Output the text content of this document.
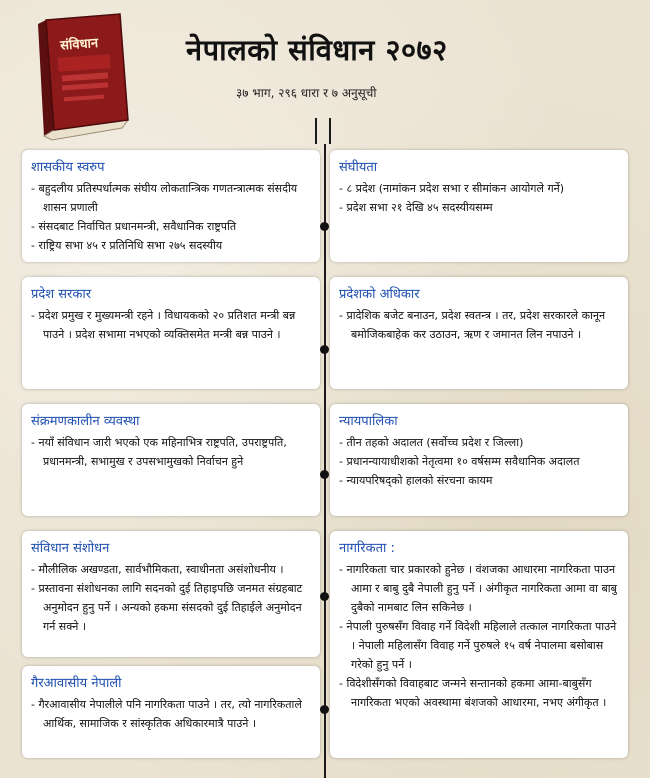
संविधान	नेपालको संविधान २०७२
३७ भाग, २९६ धारा र ७ अनुसूची
शासकीय स्वरुप

- बहुदलीय प्रतिस्पर्धात्मक संघीय लोकतान्त्रिक गणतन्त्रात्मक संसदीय शासन प्रणाली

- संसदबाट निर्वाचित प्रधानमन्त्री, सवैधानिक राष्ट्रपति

- राष्ट्रिय सभा ४५ र प्रतिनिधि सभा २७५ सदस्यीय

प्रदेश सरकार

- प्रदेश प्रमुख र मुख्यमन्त्री रहने । विधायकको २० प्रतिशत मन्त्री बन्न पाउने । प्रदेश सभामा नभएको व्यक्तिसमेत मन्त्री बन्न पाउने ।

संक्रमणकालीन व्यवस्था

- नयाँ संविधान जारी भएको एक महिनाभित्र राष्ट्रपति, उपराष्ट्रपति, प्रधानमन्त्री, सभामुख र उपसभामुखको निर्वाचन हुने

संविधान संशोधन

- मौलीलिक अखण्डता, सार्वभौमिकता, स्वाधीनता असंशोधनीय ।

- प्रस्तावना संशोधनका लागि सदनको दुई तिहाइपछि जनमत संग्रहबाट अनुमोदन हुनु पर्ने । अन्यको हकमा संसदको दुई तिहाईले अनुमोदन गर्न सक्ने ।

गैरआवासीय नेपाली

- गैरआवासीय नेपालीले पनि नागरिकता पाउने । तर, त्यो नागरिकताले आर्थिक, सामाजिक र सांस्कृतिक अधिकारमात्रै पाउने ।

संघीयता

- ८ प्रदेश (नामांकन प्रदेश सभा र सीमांकन आयोगले गर्ने)

- प्रदेश सभा २१ देखि ४५ सदस्यीयसम्म

प्रदेशको अधिकार

- प्रादेशिक बजेट बनाउन, प्रदेश स्वतन्त्र । तर, प्रदेश सरकारले कानून बमोजिकबाहेक कर उठाउन, ऋण र जमानत लिन नपाउने ।

न्यायपालिका

- तीन तहको अदालत (सर्वोच्च प्रदेश र जिल्ला)

- प्रधानन्यायाधीशको नेतृत्वमा १० वर्षसम्म सवैधानिक अदालत

- न्यायपरिषद्को हालको संरचना कायम

नागरिकता :

- नागरिकता चार प्रकारको हुनेछ । वंशजका आधारमा नागरिकता पाउन आमा र बाबु दुबै नेपाली हुनु पर्ने । अंगीकृत नागरिकता आमा वा बाबु दुबैको नामबाट लिन सकिनेछ ।

- नेपाली पुरुषसँग विवाह गर्ने विदेशी महिलाले तत्काल नागरिकता पाउने । नेपाली महिलासँग विवाह गर्ने पुरुषले १५ वर्ष नेपालमा बसोबास गरेको हुनु पर्ने ।

- विदेशीसँगको विवाहबाट जन्मने सन्तानको हकमा आमा-बाबुसँग नागरिकता भएको अवस्थामा बंशजको आधारमा, नभए अंगीकृत ।
